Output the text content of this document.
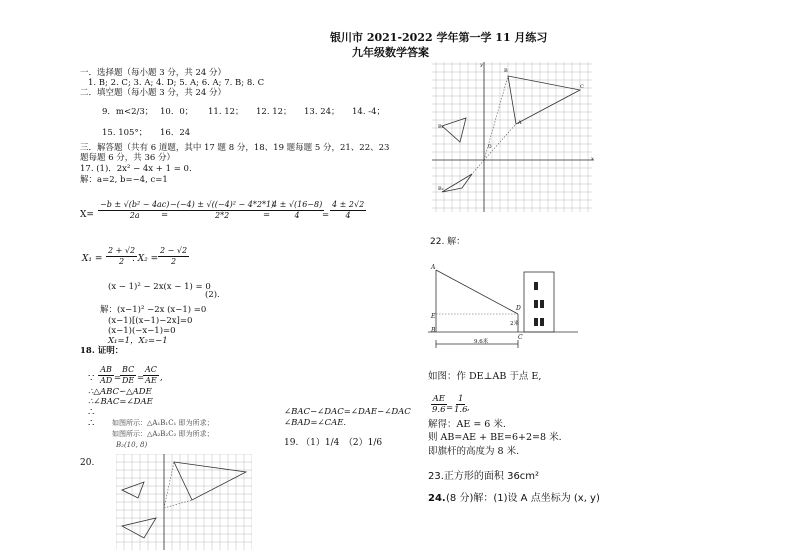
银川市 2021-2022 学年第一学 11 月练习
九年级数学答案
一．选择题（每小题 3 分，共 24 分）
1. B; 2. C; 3. A; 4. D; 5. A; 6. A; 7. B; 8. C
二．填空题（每小题 3 分，共 24 分）
9．m<2/3； 10．0； 11. 12； 12. 12； 13. 24； 14. -4；
15. 105°； 16．24
三．解答题（共有 6 道题，其中 17 题 8 分，18、19 题每题 5 分，21、22、23
题每题 6 分，共 36 分）
17. (1)．2x² − 4x + 1 = 0.
解：a=2, b=−4, c=1
$X= \frac{\text{−b ± √(b² − 4ac)}}{2a}$
= $\frac{\text{−(−4) ± √((−4)² − 4*2*1)}}{2*2}$
= $\frac{4 \pm √(16-8)}{4}$
= $\frac{4 \pm 2√2}{4}$
$X_1 = \frac{2 + √2}{2}$
. $X_2 = \frac{2 - √2}{2}$
(x − 1)² − 2x(x − 1) = 0
(2).
解：(x−1)² −2x (x−1) =0
(x−1)[(x−1)−2x]=0
(x−1)(−x−1)=0
X₁=1，X₂=−1
18. 证明：
∵ $\frac{AB}{AD}$ =
$\frac{BC}{DE}$ =
$\frac{AC}{AE}$ ,
∴△ABC∽△ADE
∴∠BAC=∠DAE
∴	∠BAC−∠DAC=∠DAE−∠DAC
∠BAD=∠CAE.
∴	如图所示：△A₁B₁C₁ 即为所求；
如图所示：△A₂B₂C₂ 即为所求；
B₂(10, 8)	19. （1）1/4　（2）1/6
20.
O
x
y
B
C
A
B₁
B₂
22. 解：
A
B
E
D
C
2米
9.6米
如图：作 DE⊥AB 于点 E,
$\frac{AE}{9.6}$
=
$\frac{1}{1.6}$
,
解得：AE = 6 米.
则 AB=AE + BE=6+2=8 米.
即旗杆的高度为 8 米.
23.正方形的面积 36cm²
24. (8 分)解：(1)设 A 点坐标为 (x, y)
